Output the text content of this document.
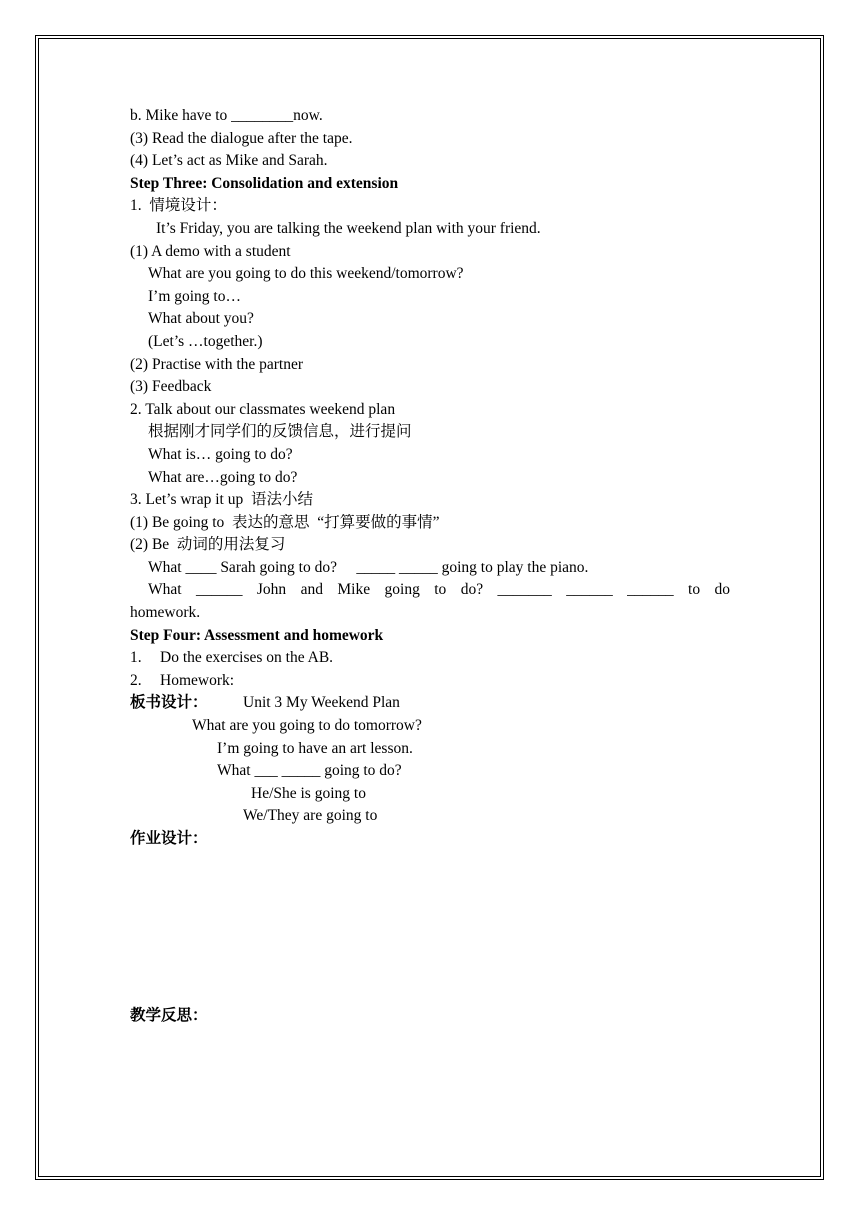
b. Mike have to ________now.
(3) Read the dialogue after the tape.
(4) Let’s act as Mike and Sarah.
Step Three: Consolidation and extension
1.  情境设计：
It’s Friday, you are talking the weekend plan with your friend.
(1) A demo with a student
What are you going to do this weekend/tomorrow?
I’m going to…
What about you?
(Let’s …together.)
(2) Practise with the partner
(3) Feedback
2. Talk about our classmates weekend plan
根据刚才同学们的反馈信息，进行提问
What is… going to do?
What are…going to do?
3. Let’s wrap it up  语法小结
(1) Be going to  表达的意思  “打算要做的事情”
(2) Be  动词的用法复习
What ____ Sarah going to do?     _____ _____ going to play the piano.
What ______ John and Mike going to do? _______ ______ ______ to do
homework.
Step Four: Assessment and homework
1. Do the exercises on the AB.
2. Homework:
板书设计： Unit 3 My Weekend Plan
What are you going to do tomorrow?
I’m going to have an art lesson.
What ___ _____ going to do?
He/She is going to
We/They are going to
作业设计：
教学反思：
